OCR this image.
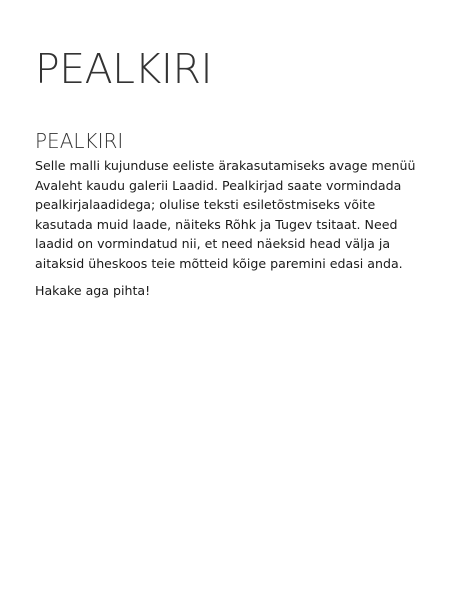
PEALKIRI
PEALKIRI

Selle malli kujunduse eeliste ärakasutamiseks avage menüü Avaleht kaudu galerii Laadid. Pealkirjad saate vormindada pealkirjalaadidega; olulise teksti esiletõstmiseks võite kasutada muid laade, näiteks Rõhk ja Tugev tsitaat. Need laadid on vormindatud nii, et need näeksid head välja ja aitaksid üheskoos teie mõtteid kõige paremini edasi anda.

Hakake aga pihta!
